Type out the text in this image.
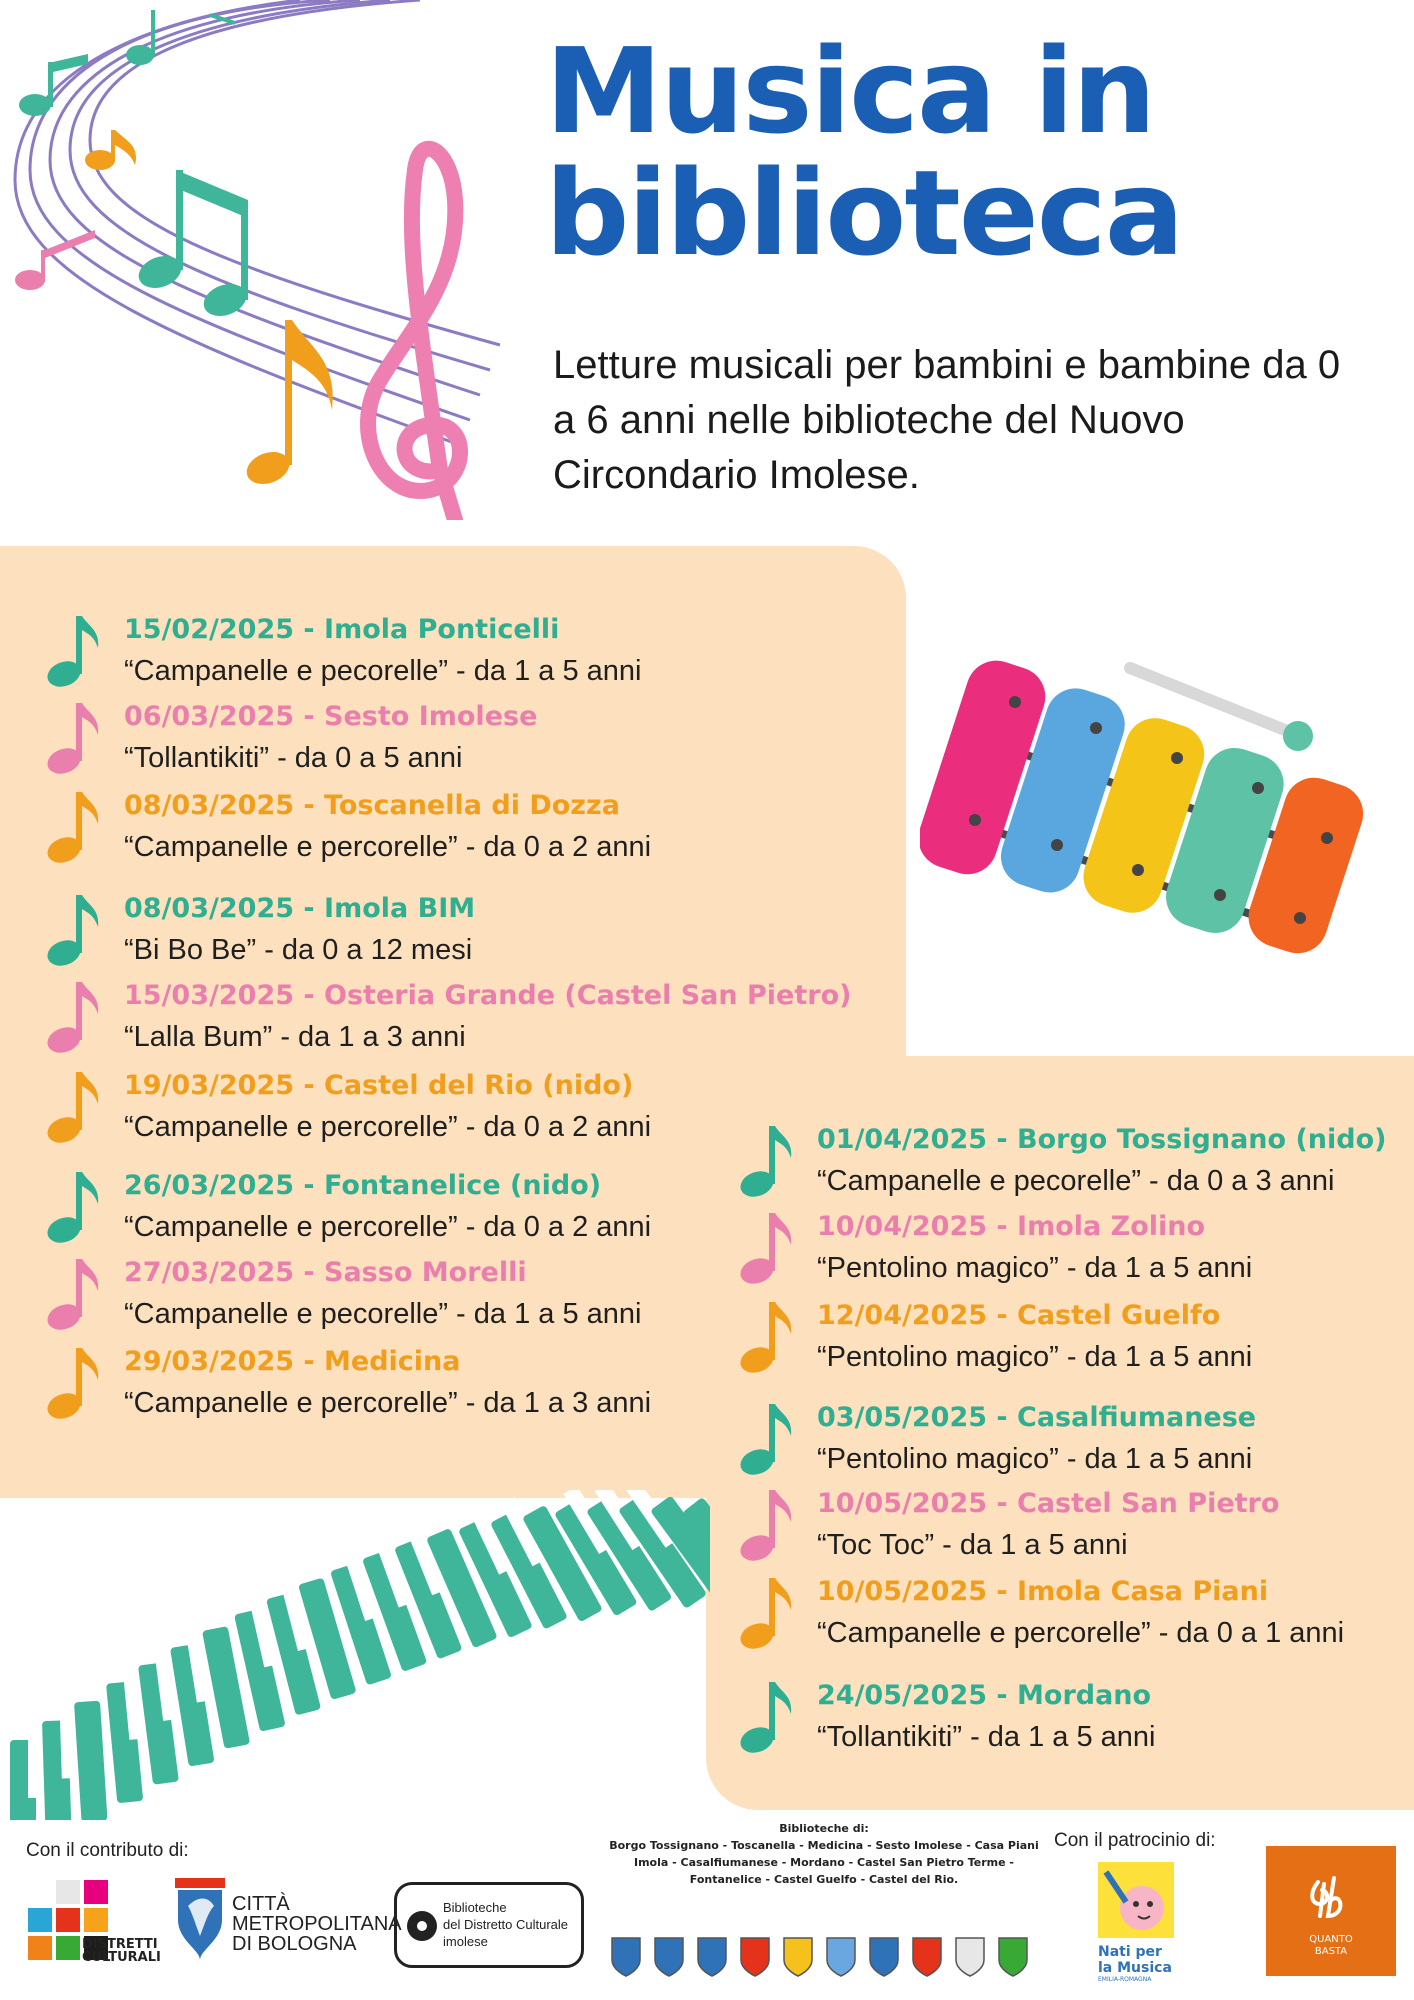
Musica in
biblioteca
Letture musicali per bambini e bambine da 0 a 6 anni nelle biblioteche del Nuovo Circondario Imolese.
15/02/2025 - Imola Ponticelli
“Campanelle e pecorelle” - da 1 a 5 anni
06/03/2025 - Sesto Imolese
“Tollantikiti” - da 0 a 5 anni
08/03/2025 - Toscanella di Dozza
“Campanelle e percorelle” - da 0 a 2 anni
08/03/2025 - Imola BIM
“Bi Bo Be” - da 0 a 12 mesi
15/03/2025 - Osteria Grande (Castel San Pietro)
“Lalla Bum” - da 1 a 3 anni
19/03/2025 - Castel del Rio (nido)
“Campanelle e percorelle” - da 0 a 2 anni
26/03/2025 - Fontanelice (nido)
“Campanelle e percorelle” - da 0 a 2 anni
27/03/2025 - Sasso Morelli
“Campanelle e pecorelle” - da 1 a 5 anni
29/03/2025 - Medicina
“Campanelle e percorelle” - da 1 a 3 anni
01/04/2025 - Borgo Tossignano (nido)
“Campanelle e pecorelle” - da 0 a 3 anni
10/04/2025 - Imola Zolino
“Pentolino magico” - da 1 a 5 anni
12/04/2025 - Castel Guelfo
“Pentolino magico” - da 1 a 5 anni
03/05/2025 - Casalfiumanese
“Pentolino magico” - da 1 a 5 anni
10/05/2025 - Castel San Pietro
“Toc Toc” - da 1 a 5 anni
10/05/2025 - Imola Casa Piani
“Campanelle e percorelle” - da 0 a 1 anni
24/05/2025 - Mordano
“Tollantikiti” - da 1 a 5 anni
Con il contributo di:	Con il patrocinio di:
DISTRETTI
CULTURALI
CITTÀ
METROPOLITANA
DI BOLOGNA
Biblioteche
del Distretto Culturale
imolese
Biblioteche di:
Borgo Tossignano - Toscanella - Medicina - Sesto Imolese - Casa Piani
Imola - Casalfiumanese - Mordano - Castel San Pietro Terme -
Fontanelice - Castel Guelfo - Castel del Rio.
Nati per
la Musica
EMILIA-ROMAGNA
QUANTO
BASTA
